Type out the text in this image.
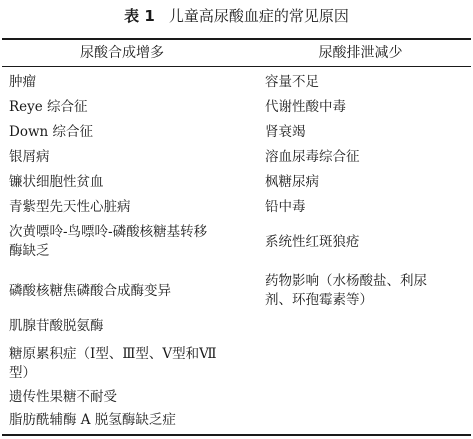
表 1 儿童高尿酸血症的常见原因
尿酸合成增多	尿酸排泄减少
肿瘤
Reye 综合征
Down 综合征
银屑病
镰状细胞性贫血
青紫型先天性心脏病
次黄嘌呤-鸟嘌呤-磷酸核糖基转移
酶缺乏
磷酸核糖焦磷酸合成酶变异
肌腺苷酸脱氨酶
糖原累积症（Ⅰ型、Ⅲ型、Ⅴ型和Ⅶ
型）
遗传性果糖不耐受
脂肪酰辅酶 A 脱氢酶缺乏症
容量不足
代谢性酸中毒
肾衰竭
溶血尿毒综合征
枫糖尿病
铅中毒
系统性红斑狼疮
药物影响（水杨酸盐、利尿
剂、环孢霉素等）
